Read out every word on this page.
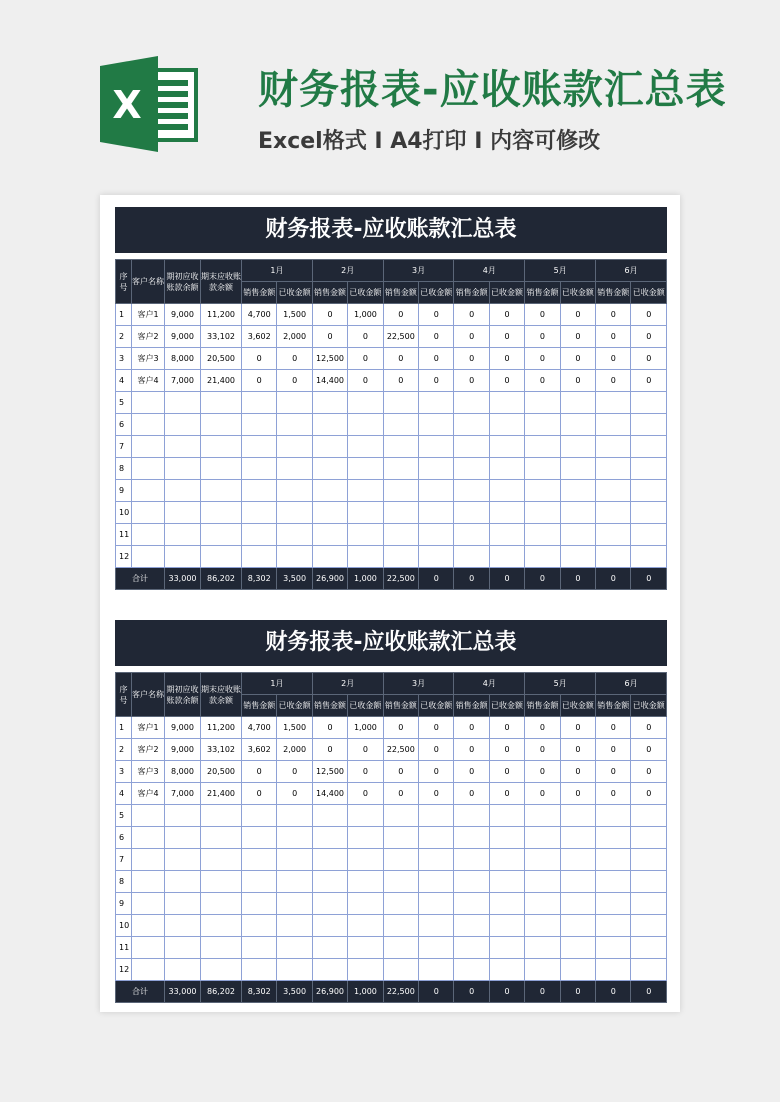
X	财务报表-应收账款汇总表
Excel格式 I A4打印 I 内容可修改
财务报表-应收账款汇总表
序号	客户名称	期初应收账款余额	期末应收账款余额	1月		2月		3月		4月		5月		6月	
				销售金额	已收金额	销售金额	已收金额	销售金额	已收金额	销售金额	已收金额	销售金额	已收金额	销售金额	已收金额
1	客户1	9,000	11,200	4,700	1,500	0	1,000	0	0	0	0	0	0	0	0
2	客户2	9,000	33,102	3,602	2,000	0	0	22,500	0	0	0	0	0	0	0
3	客户3	8,000	20,500	0	0	12,500	0	0	0	0	0	0	0	0	0
4	客户4	7,000	21,400	0	0	14,400	0	0	0	0	0	0	0	0	0
5															
6															
7															
8															
9															
10															
11															
12															
合计		33,000	86,202	8,302	3,500	26,900	1,000	22,500	0	0	0	0	0	0	0
财务报表-应收账款汇总表
序号	客户名称	期初应收账款余额	期末应收账款余额	1月		2月		3月		4月		5月		6月	
				销售金额	已收金额	销售金额	已收金额	销售金额	已收金额	销售金额	已收金额	销售金额	已收金额	销售金额	已收金额
1	客户1	9,000	11,200	4,700	1,500	0	1,000	0	0	0	0	0	0	0	0
2	客户2	9,000	33,102	3,602	2,000	0	0	22,500	0	0	0	0	0	0	0
3	客户3	8,000	20,500	0	0	12,500	0	0	0	0	0	0	0	0	0
4	客户4	7,000	21,400	0	0	14,400	0	0	0	0	0	0	0	0	0
5															
6															
7															
8															
9															
10															
11															
12															
合计		33,000	86,202	8,302	3,500	26,900	1,000	22,500	0	0	0	0	0	0	0
